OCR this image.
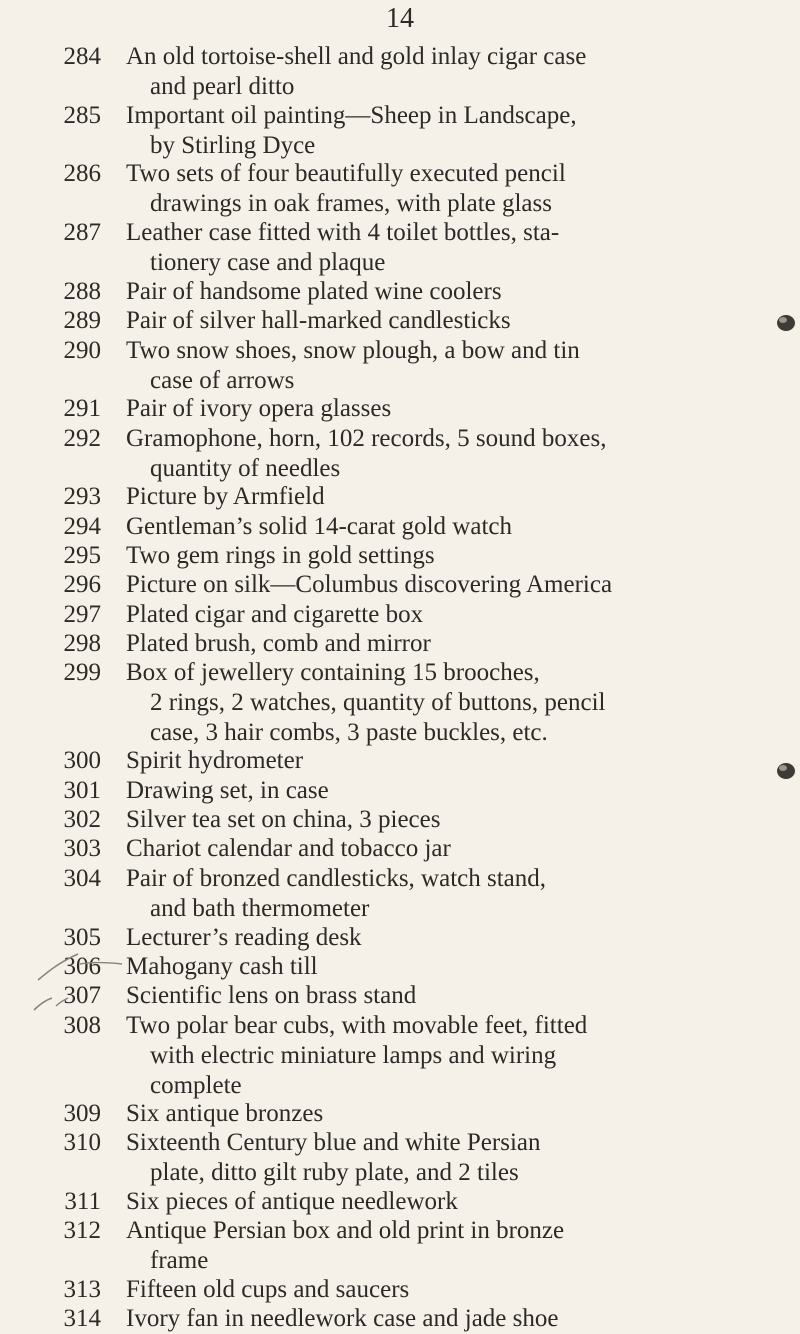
14
284 An old tortoise-shell and gold inlay cigar case
and pearl ditto
285 Important oil painting—Sheep in Landscape,
by Stirling Dyce
286 Two sets of four beautifully executed pencil
drawings in oak frames, with plate glass
287 Leather case fitted with 4 toilet bottles, sta-
tionery case and plaque
288 Pair of handsome plated wine coolers
289 Pair of silver hall-marked candlesticks
290 Two snow shoes, snow plough, a bow and tin
case of arrows
291 Pair of ivory opera glasses
292 Gramophone, horn, 102 records, 5 sound boxes,
quantity of needles
293 Picture by Armfield
294 Gentleman’s solid 14-carat gold watch
295 Two gem rings in gold settings
296 Picture on silk—Columbus discovering America
297 Plated cigar and cigarette box
298 Plated brush, comb and mirror
299 Box of jewellery containing 15 brooches,
2 rings, 2 watches, quantity of buttons, pencil
case, 3 hair combs, 3 paste buckles, etc.
300 Spirit hydrometer
301 Drawing set, in case
302 Silver tea set on china, 3 pieces
303 Chariot calendar and tobacco jar
304 Pair of bronzed candlesticks, watch stand,
and bath thermometer
305 Lecturer’s reading desk
306 Mahogany cash till
307 Scientific lens on brass stand
308 Two polar bear cubs, with movable feet, fitted
with electric miniature lamps and wiring
complete
309 Six antique bronzes
310 Sixteenth Century blue and white Persian
plate, ditto gilt ruby plate, and 2 tiles
311 Six pieces of antique needlework
312 Antique Persian box and old print in bronze
frame
313 Fifteen old cups and saucers
314 Ivory fan in needlework case and jade shoe
